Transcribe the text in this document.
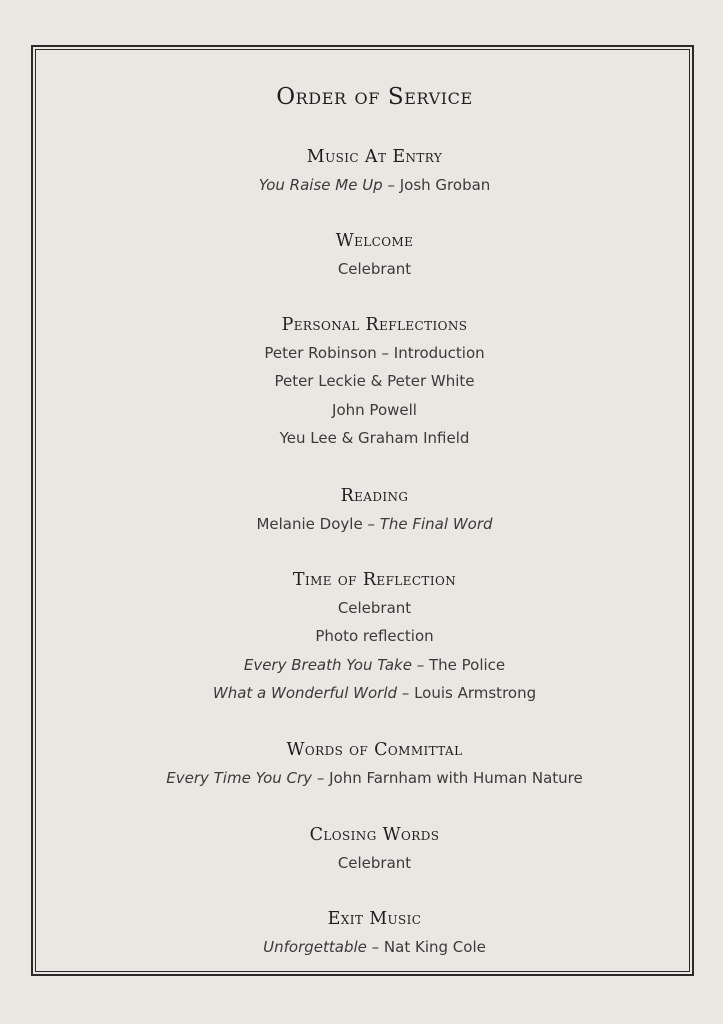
Order of Service
Music At Entry
You Raise Me Up – Josh Groban
Welcome
Celebrant
Personal Reflections
Peter Robinson – Introduction
Peter Leckie & Peter White
John Powell
Yeu Lee & Graham Infield
Reading
Melanie Doyle – The Final Word
Time of Reflection
Celebrant
Photo reflection
Every Breath You Take – The Police
What a Wonderful World – Louis Armstrong
Words of Committal
Every Time You Cry – John Farnham with Human Nature
Closing Words
Celebrant
Exit Music
Unforgettable – Nat King Cole
